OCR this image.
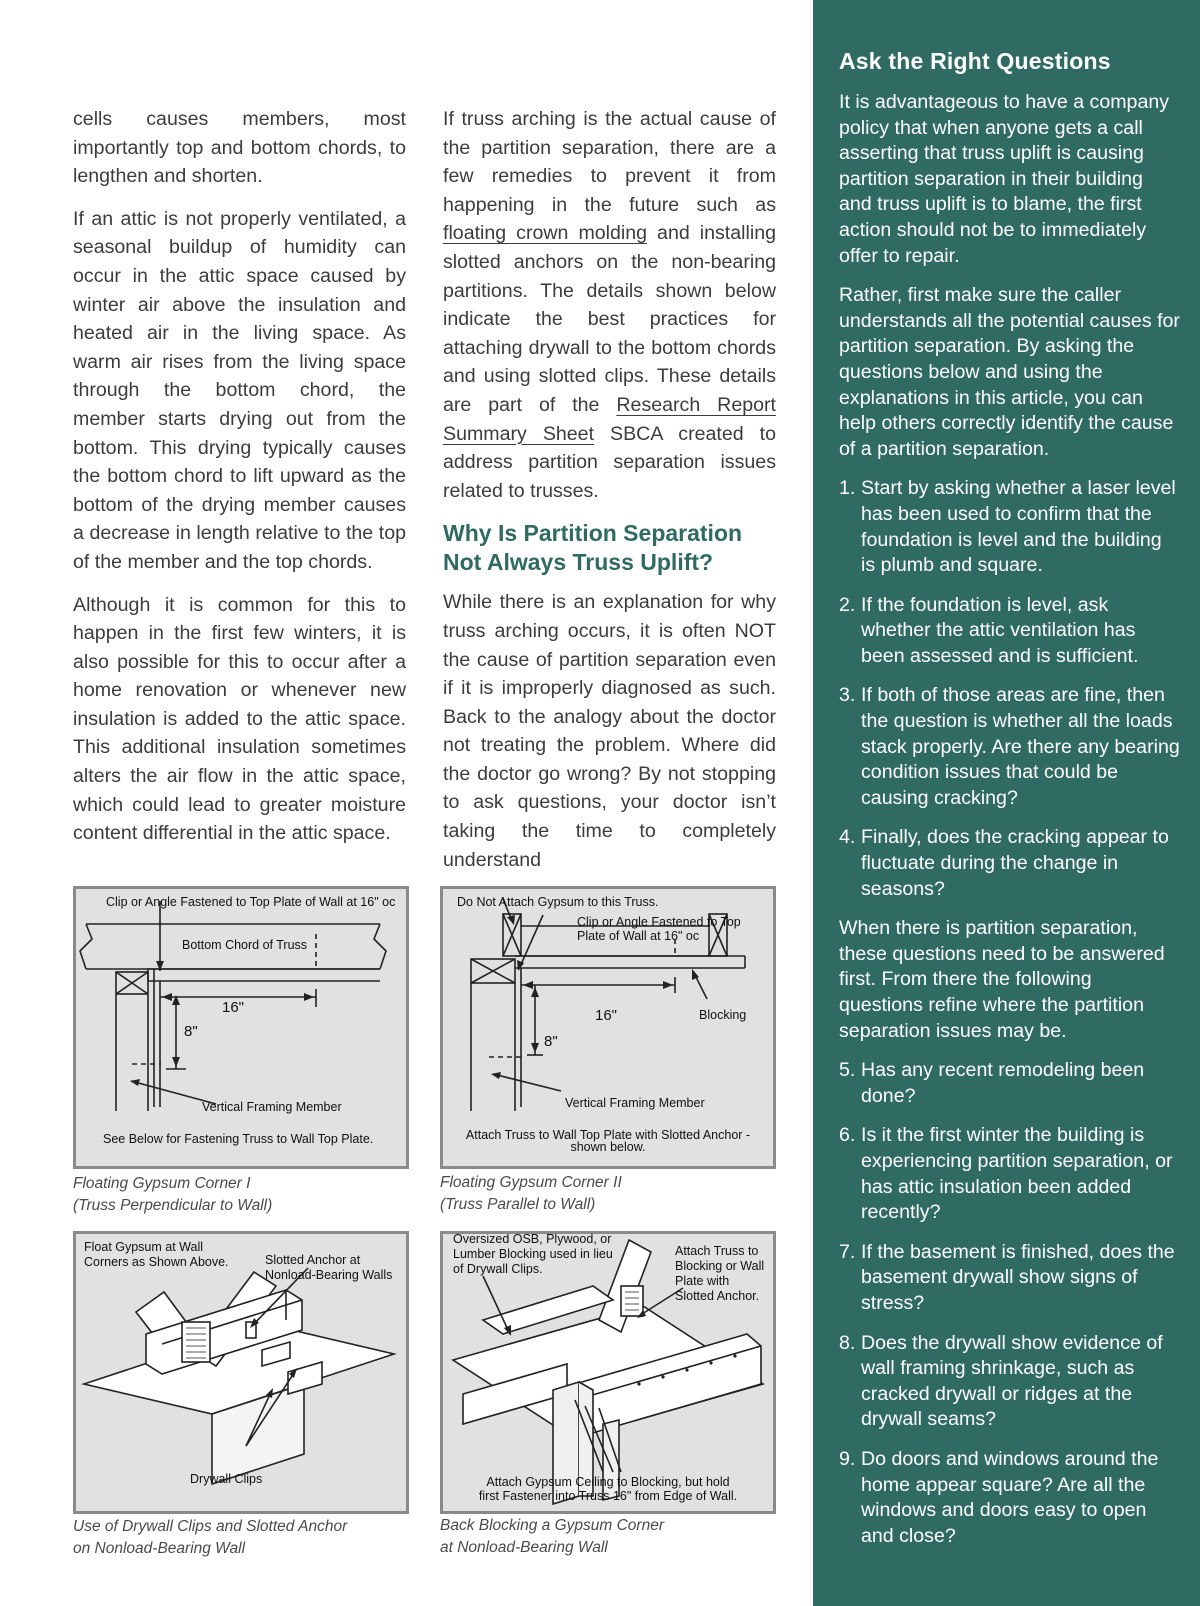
cells causes members, most importantly top and bottom chords, to lengthen and shorten.

If an attic is not properly ventilated, a seasonal buildup of humidity can occur in the attic space caused by winter air above the insulation and heated air in the living space. As warm air rises from the living space through the bottom chord, the member starts drying out from the bottom. This drying typically causes the bottom chord to lift upward as the bottom of the drying member causes a decrease in length relative to the top of the member and the top chords.

Although it is common for this to happen in the first few winters, it is also possible for this to occur after a home renovation or whenever new insulation is added to the attic space. This additional insulation sometimes alters the air flow in the attic space, which could lead to greater moisture content differential in the attic space.

If truss arching is the actual cause of the partition separation, there are a few remedies to prevent it from happening in the future such as floating crown molding and installing slotted anchors on the non-bearing partitions. The details shown below indicate the best practices for attaching drywall to the bottom chords and using slotted clips. These details are part of the Research Report Summary Sheet SBCA created to address partition separation issues related to trusses.

Why Is Partition Separation Not Always Truss Uplift?

While there is an explanation for why truss arching occurs, it is often NOT the cause of partition separation even if it is improperly diagnosed as such. Back to the analogy about the doctor not treating the problem. Where did the doctor go wrong? By not stopping to ask questions, your doctor isn’t taking the time to completely understand

Ask the Right Questions

It is advantageous to have a company policy that when anyone gets a call asserting that truss uplift is causing partition separation in their building and truss uplift is to blame, the first action should not be to immediately offer to repair.

Rather, first make sure the caller understands all the potential causes for partition separation. By asking the questions below and using the explanations in this article, you can help others correctly identify the cause of a partition separation.

1. Start by asking whether a laser level has been used to confirm that the foundation is level and the building is plumb and square.
2. If the foundation is level, ask whether the attic ventilation has been assessed and is sufficient.
3. If both of those areas are fine, then the question is whether all the loads stack properly. Are there any bearing condition issues that could be causing cracking?
4. Finally, does the cracking appear to fluctuate during the change in seasons?

When there is partition separation, these questions need to be answered first. From there the following questions refine where the partition separation issues may be.

5. Has any recent remodeling been done?
6. Is it the first winter the building is experiencing partition separation, or has attic insulation been added recently?
7. If the basement is finished, does the basement drywall show signs of stress?
8. Does the drywall show evidence of wall framing shrinkage, such as cracked drywall or ridges at the drywall seams?
9. Do doors and windows around the home appear square? Are all the windows and doors easy to open and close?
Clip or Angle Fastened to Top Plate of Wall at 16" oc
Bottom Chord of Truss
16"
8"
Vertical Framing Member
See Below for Fastening Truss to Wall Top Plate.
Floating Gypsum Corner I
(Truss Perpendicular to Wall)
Do Not Attach Gypsum to this Truss.
Clip or Angle Fastened to Top
Plate of Wall at 16" oc
16"	Blocking
8"
Vertical Framing Member
Attach Truss to Wall Top Plate with Slotted Anchor -
shown below.
Floating Gypsum Corner II
(Truss Parallel to Wall)
Float Gypsum at Wall
Corners as Shown Above.	Slotted Anchor at
Nonload-Bearing Walls
Drywall Clips
Use of Drywall Clips and Slotted Anchor
on Nonload-Bearing Wall
Oversized OSB, Plywood, or
Lumber Blocking used in lieu
of Drywall Clips.
Attach Truss to
Blocking or Wall
Plate with
Slotted Anchor.
Attach Gypsum Ceiling to Blocking, but hold
first Fastener into Truss 16" from Edge of Wall.
Back Blocking a Gypsum Corner
at Nonload-Bearing Wall
